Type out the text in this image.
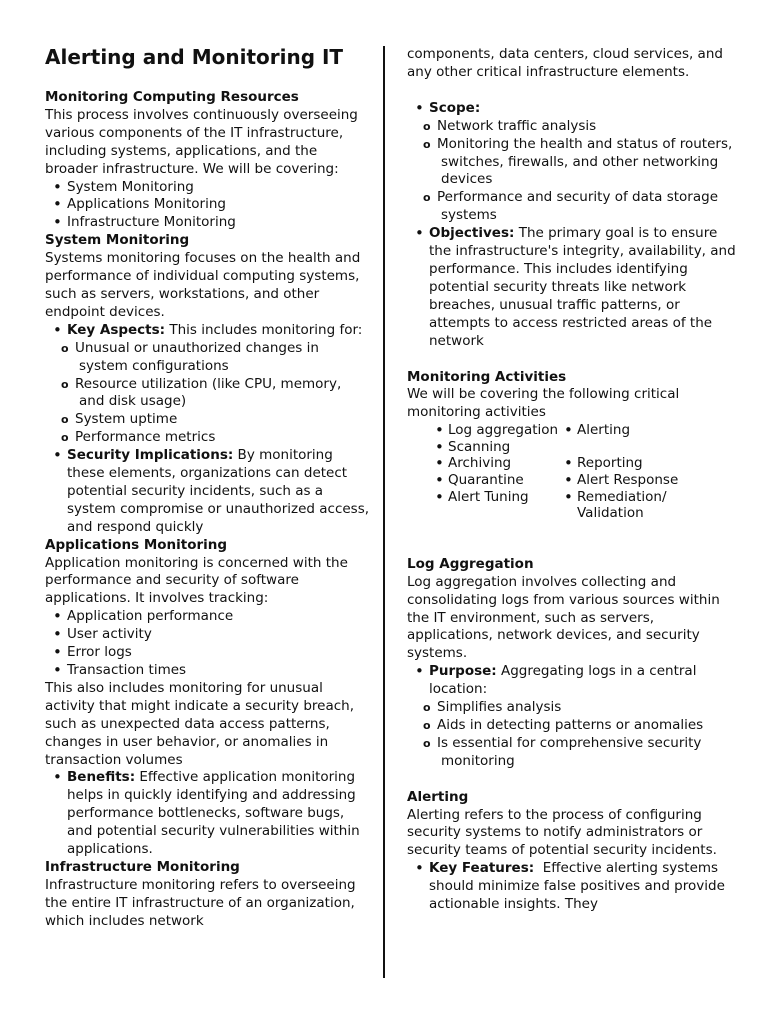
Alerting and Monitoring IT
Monitoring Computing Resources

This process involves continuously overseeing various components of the IT infrastructure, including systems, applications, and the broader infrastructure. We will be covering:

• System Monitoring
• Applications Monitoring
• Infrastructure Monitoring
System Monitoring

Systems monitoring focuses on the health and performance of individual computing systems, such as servers, workstations, and other endpoint devices.

• Key Aspects: This includes monitoring for:
o Unusual or unauthorized changes in system configurations
o Resource utilization (like CPU, memory, and disk usage)
o System uptime
o Performance metrics
• Security Implications: By monitoring these elements, organizations can detect potential security incidents, such as a system compromise or unauthorized access, and respond quickly
Applications Monitoring

Application monitoring is concerned with the performance and security of software applications. It involves tracking:

• Application performance
• User activity
• Error logs
• Transaction times

This also includes monitoring for unusual activity that might indicate a security breach, such as unexpected data access patterns, changes in user behavior, or anomalies in transaction volumes

• Benefits: Effective application monitoring helps in quickly identifying and addressing performance bottlenecks, software bugs, and potential security vulnerabilities within applications.
Infrastructure Monitoring

Infrastructure monitoring refers to overseeing the entire IT infrastructure of an organization, which includes network

components, data centers, cloud services, and any other critical infrastructure elements.

• Scope:
o Network traffic analysis
o Monitoring the health and status of routers, switches, firewalls, and other networking devices
o Performance and security of data storage systems
• Objectives: The primary goal is to ensure the infrastructure's integrity, availability, and performance. This includes identifying potential security threats like network breaches, unusual traffic patterns, or attempts to access restricted areas of the network
Monitoring Activities

We will be covering the following critical monitoring activities

• Log aggregation
• Scanning
• Archiving
• Quarantine
• Alert Tuning
• Alerting
• Reporting
• Alert Response
• Remediation/ Validation
Log Aggregation

Log aggregation involves collecting and consolidating logs from various sources within the IT environment, such as servers, applications, network devices, and security systems.

• Purpose: Aggregating logs in a central location:
o Simplifies analysis
o Aids in detecting patterns or anomalies
o Is essential for comprehensive security monitoring
Alerting

Alerting refers to the process of configuring security systems to notify administrators or security teams of potential security incidents.

• Key Features:  Effective alerting systems should minimize false positives and provide actionable insights. They
